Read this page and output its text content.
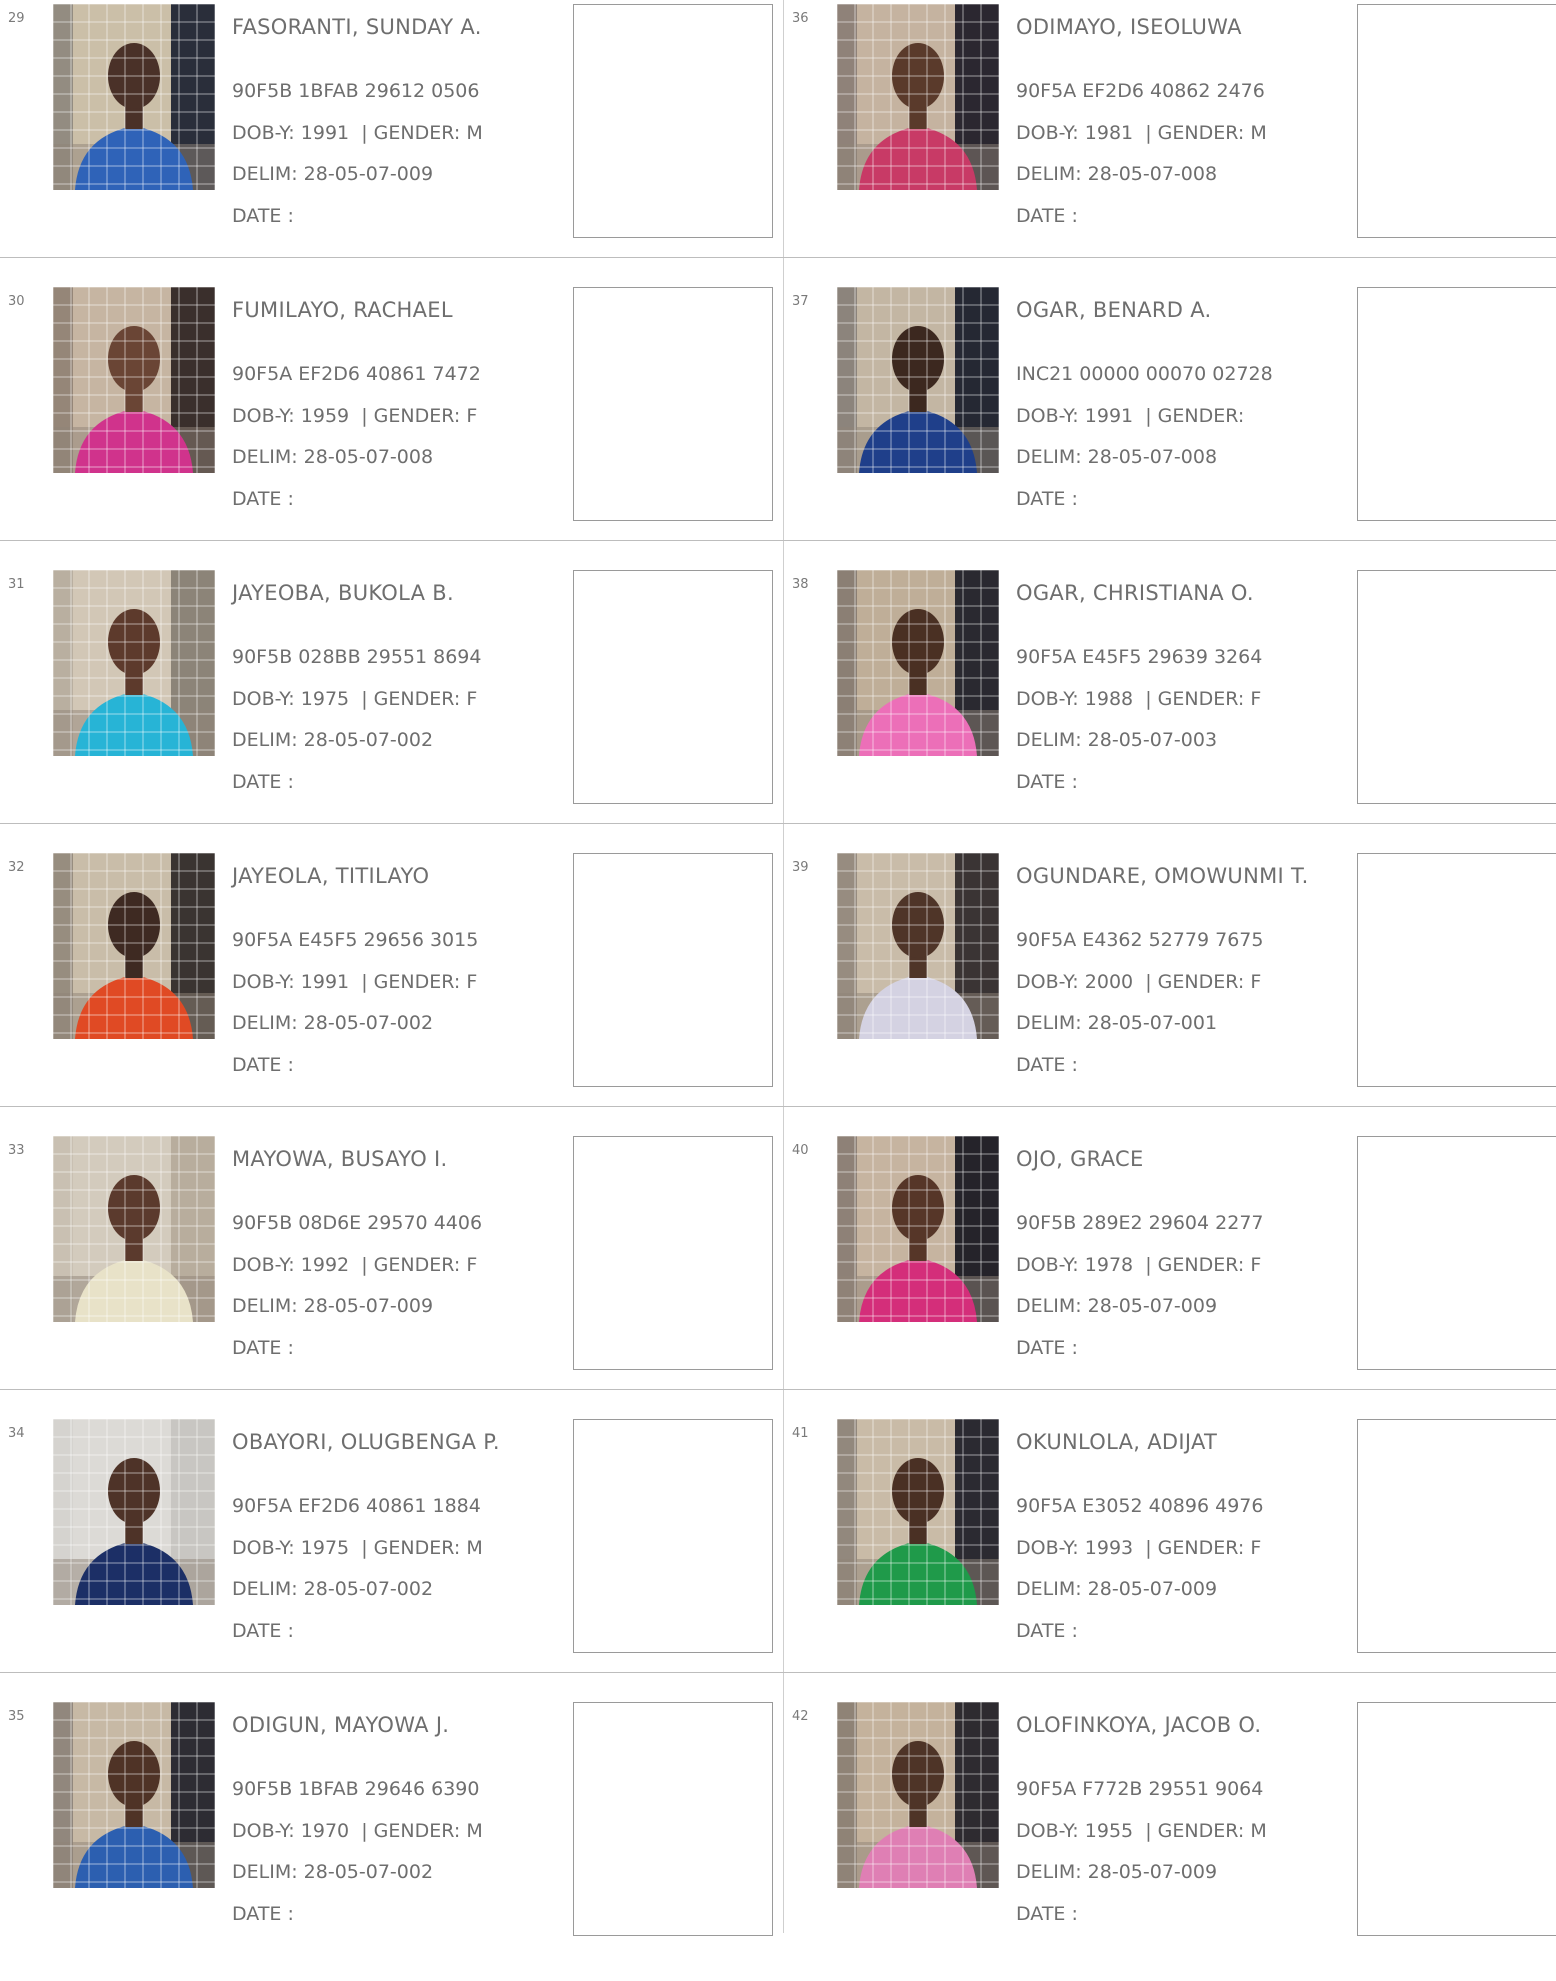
29	FASORANTI, SUNDAY A.
90F5B 1BFAB 29612 0506
DOB-Y: 1991 | GENDER: M
DELIM: 28-05-07-009
DATE :
30	FUMILAYO, RACHAEL
90F5A EF2D6 40861 7472
DOB-Y: 1959 | GENDER: F
DELIM: 28-05-07-008
DATE :
31	JAYEOBA, BUKOLA B.
90F5B 028BB 29551 8694
DOB-Y: 1975 | GENDER: F
DELIM: 28-05-07-002
DATE :
32	JAYEOLA, TITILAYO
90F5A E45F5 29656 3015
DOB-Y: 1991 | GENDER: F
DELIM: 28-05-07-002
DATE :
33	MAYOWA, BUSAYO I.
90F5B 08D6E 29570 4406
DOB-Y: 1992 | GENDER: F
DELIM: 28-05-07-009
DATE :
34	OBAYORI, OLUGBENGA P.
90F5A EF2D6 40861 1884
DOB-Y: 1975 | GENDER: M
DELIM: 28-05-07-002
DATE :
35	ODIGUN, MAYOWA J.
90F5B 1BFAB 29646 6390
DOB-Y: 1970 | GENDER: M
DELIM: 28-05-07-002
DATE :
36	ODIMAYO, ISEOLUWA
90F5A EF2D6 40862 2476
DOB-Y: 1981 | GENDER: M
DELIM: 28-05-07-008
DATE :
37	OGAR, BENARD A.
INC21 00000 00070 02728
DOB-Y: 1991 | GENDER:
DELIM: 28-05-07-008
DATE :
38	OGAR, CHRISTIANA O.
90F5A E45F5 29639 3264
DOB-Y: 1988 | GENDER: F
DELIM: 28-05-07-003
DATE :
39	OGUNDARE, OMOWUNMI T.
90F5A E4362 52779 7675
DOB-Y: 2000 | GENDER: F
DELIM: 28-05-07-001
DATE :
40	OJO, GRACE
90F5B 289E2 29604 2277
DOB-Y: 1978 | GENDER: F
DELIM: 28-05-07-009
DATE :
41	OKUNLOLA, ADIJAT
90F5A E3052 40896 4976
DOB-Y: 1993 | GENDER: F
DELIM: 28-05-07-009
DATE :
42	OLOFINKOYA, JACOB O.
90F5A F772B 29551 9064
DOB-Y: 1955 | GENDER: M
DELIM: 28-05-07-009
DATE :
